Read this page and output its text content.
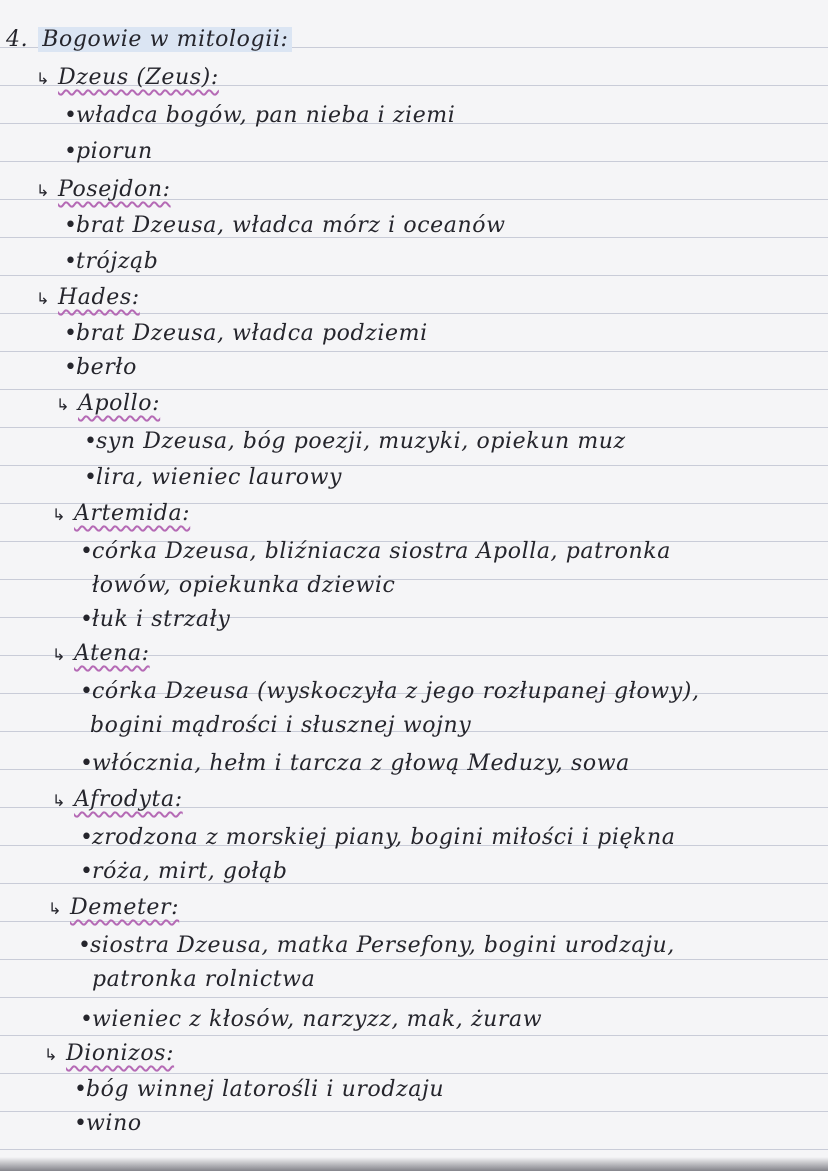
4. Bogowie w mitologii:
↳ Dzeus (Zeus):
•władca bogów, pan nieba i ziemi
•piorun
↳ Posejdon:
•brat Dzeusa, władca mórz i oceanów
•trójząb
↳ Hades:
•brat Dzeusa, władca podziemi
•berło
↳ Apollo:
•syn Dzeusa, bóg poezji, muzyki, opiekun muz
•lira, wieniec laurowy
↳ Artemida:
•córka Dzeusa, bliźniacza siostra Apolla, patronka
łowów, opiekunka dziewic
•łuk i strzały
↳ Atena:
•córka Dzeusa (wyskoczyła z jego rozłupanej głowy),
bogini mądrości i słusznej wojny
•włócznia, hełm i tarcza z głową Meduzy, sowa
↳ Afrodyta:
•zrodzona z morskiej piany, bogini miłości i piękna
•róża, mirt, gołąb
↳ Demeter:
•siostra Dzeusa, matka Persefony, bogini urodzaju,
patronka rolnictwa
•wieniec z kłosów, narzyzz, mak, żuraw
↳ Dionizos:
•bóg winnej latorośli i urodzaju
•wino
